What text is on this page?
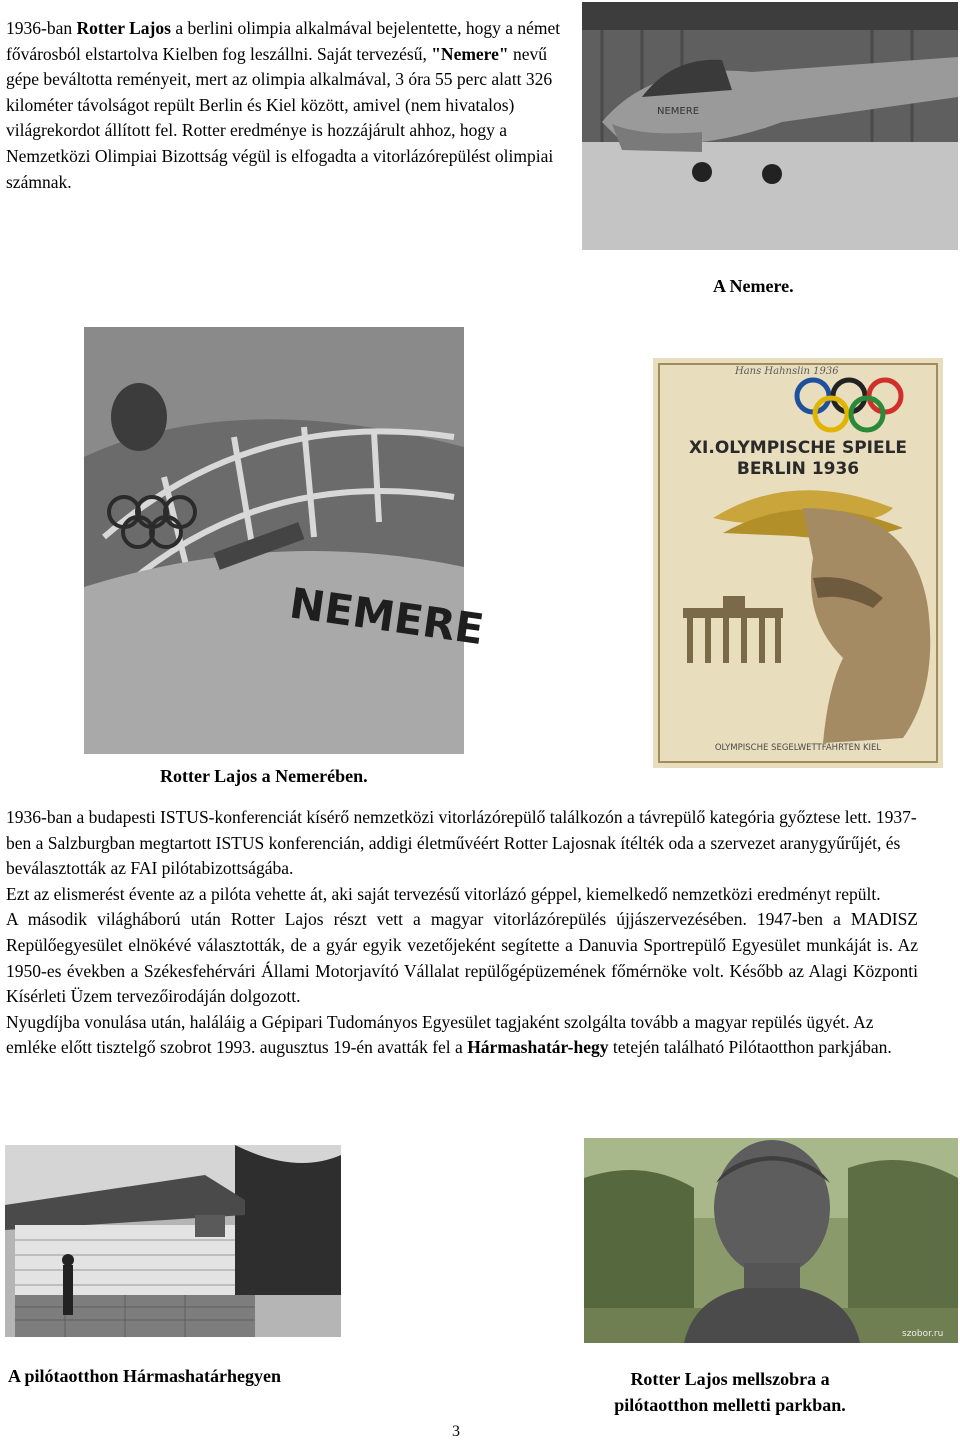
1936-ban Rotter Lajos a berlini olimpia alkalmával bejelentette, hogy a német fővárosból elstartolva Kielben fog leszállni. Saját tervezésű, "Nemere" nevű gépe beváltotta reményeit, mert az olimpia alkalmával, 3 óra 55 perc alatt 326 kilométer távolságot repült Berlin és Kiel között, amivel (nem hivatalos) világrekordot állított fel. Rotter eredménye is hozzájárult ahhoz, hogy a Nemzetközi Olimpiai Bizottság végül is elfogadta a vitorlázórepülést olimpiai számnak.
NEMERE
A Nemere.
NEMERE
Rotter Lajos a Nemerében.
Hans Hahnslin 1936
XI.OLYMPISCHE SPIELE
BERLIN 1936
OLYMPISCHE SEGELWETTFAHRTEN KIEL
1936-ban a budapesti ISTUS-konferenciát kísérő nemzetközi vitorlázórepülő találkozón a távrepülő kategória győztese lett. 1937-ben a Salzburgban megtartott ISTUS konferencián, addigi életművéért Rotter Lajosnak ítélték oda a szervezet aranygyűrűjét, és beválasztották az FAI pilótabizottságába.
Ezt az elismerést évente az a pilóta vehette át, aki saját tervezésű vitorlázó géppel, kiemelkedő nemzetközi eredményt repült.
A második világháború után Rotter Lajos részt vett a magyar vitorlázórepülés újjászervezésében. 1947-ben a MADISZ Repülőegyesület elnökévé választották, de a gyár egyik vezetőjeként segítette a Danuvia Sportrepülő Egyesület munkáját is. Az 1950-es években a Székesfehérvári Állami Motorjavító Vállalat repülőgépüzemének főmérnöke volt. Később az Alagi Központi Kísérleti Üzem tervezőirodáján dolgozott.
Nyugdíjba vonulása után, haláláig a Gépipari Tudományos Egyesület tagjaként szolgálta tovább a magyar repülés ügyét. Az emléke előtt tisztelgő szobrot 1993. augusztus 19-én avatták fel a Hármashatár-hegy tetején található Pilótaotthon parkjában.
A pilótaotthon Hármashatárhegyen
szobor.ru
Rotter Lajos mellszobra a
pilótaotthon melletti parkban.
3
